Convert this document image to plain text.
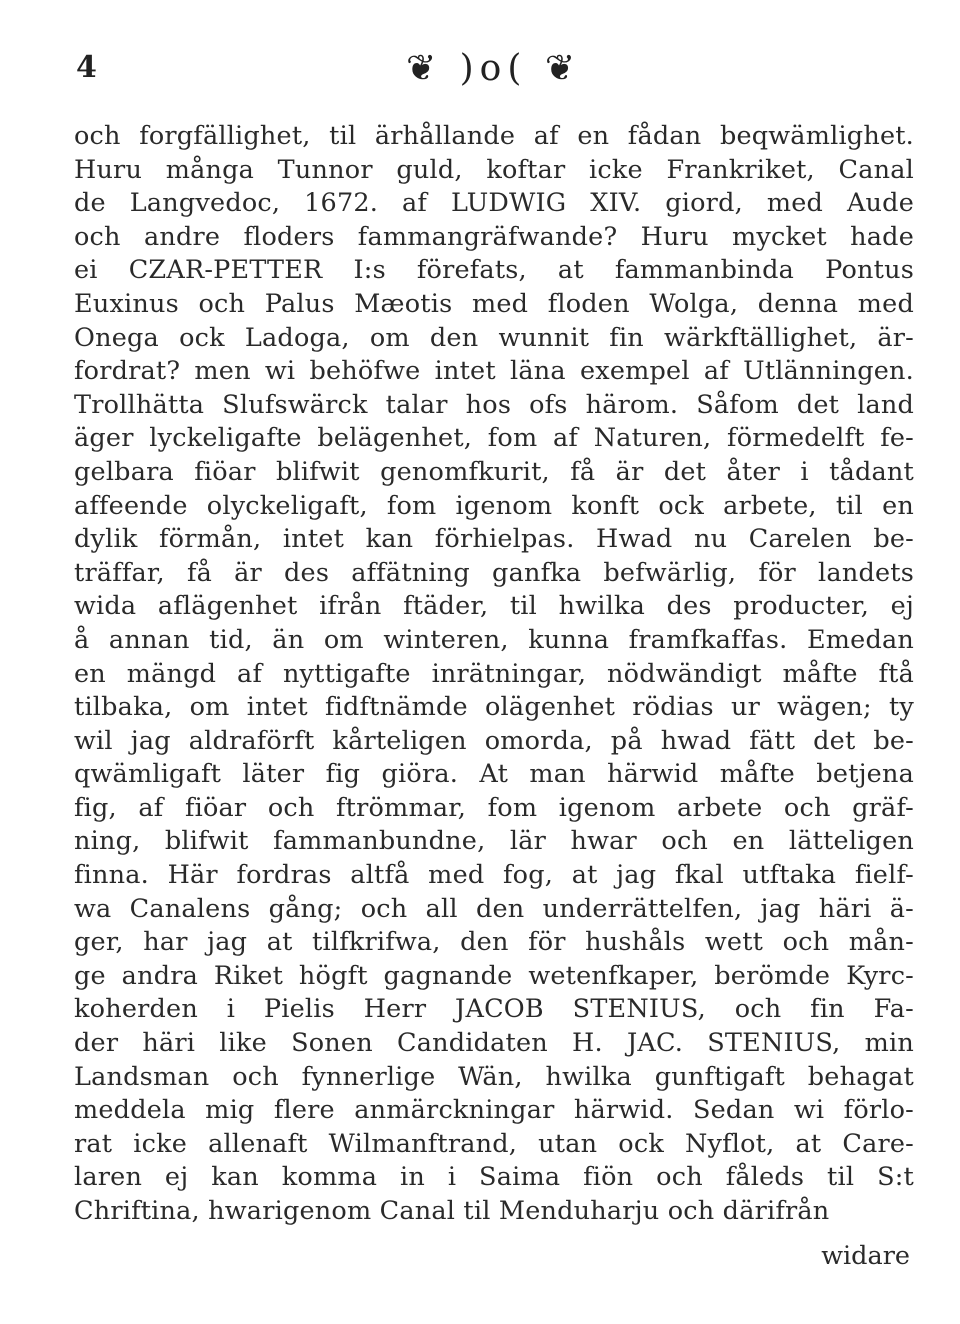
4	❦ )o( ❦
och forgfällighet, til ärhållande af en fådan beqwämlighet.
Huru många Tunnor guld, koftar icke Frankriket, Canal
de Langvedoc, 1672. af LUDWIG XIV. giord, med Aude
och andre floders fammangräfwande? Huru mycket hade
ei CZAR-PETTER I:s förefats, at fammanbinda Pontus
Euxinus och Palus Mæotis med floden Wolga, denna med
Onega ock Ladoga, om den wunnit fin wärkftällighet, är-
fordrat? men wi behöfwe intet läna exempel af Utlänningen.
Trollhätta Slufswärck talar hos ofs härom. Såfom det land
äger lyckeligafte belägenhet, fom af Naturen, förmedelft fe-
gelbara fiöar blifwit genomfkurit, få är det åter i tådant
affeende olyckeligaft, fom igenom konft ock arbete, til en
dylik förmån, intet kan förhielpas. Hwad nu Carelen be-
träffar, få är des affätning ganfka befwärlig, för landets
wida aflägenhet ifrån ftäder, til hwilka des producter, ej
å annan tid, än om winteren, kunna framfkaffas. Emedan
en mängd af nyttigafte inrätningar, nödwändigt måfte ftå
tilbaka, om intet fidftnämde olägenhet rödias ur wägen; ty
wil jag aldraförft kårteligen omorda, på hwad fätt det be-
qwämligaft läter fig giöra. At man härwid måfte betjena
fig, af fiöar och ftrömmar, fom igenom arbete och gräf-
ning, blifwit fammanbundne, lär hwar och en lätteligen
finna. Här fordras altfå med fog, at jag fkal utftaka fielf-
wa Canalens gång; och all den underrättelfen, jag häri ä-
ger, har jag at tilfkrifwa, den för hushåls wett och mån-
ge andra Riket högft gagnande wetenfkaper, berömde Kyrc-
koherden i Pielis Herr JACOB STENIUS, och fin Fa-
der häri like Sonen Candidaten H. JAC. STENIUS, min
Landsman och fynnerlige Wän, hwilka gunftigaft behagat
meddela mig flere anmärckningar härwid. Sedan wi förlo-
rat icke allenaft Wilmanftrand, utan ock Nyflot, at Care-
laren ej kan komma in i Saima fiön och fåleds til S:t
Chriftina, hwarigenom Canal til Menduharju och därifrån
widare
